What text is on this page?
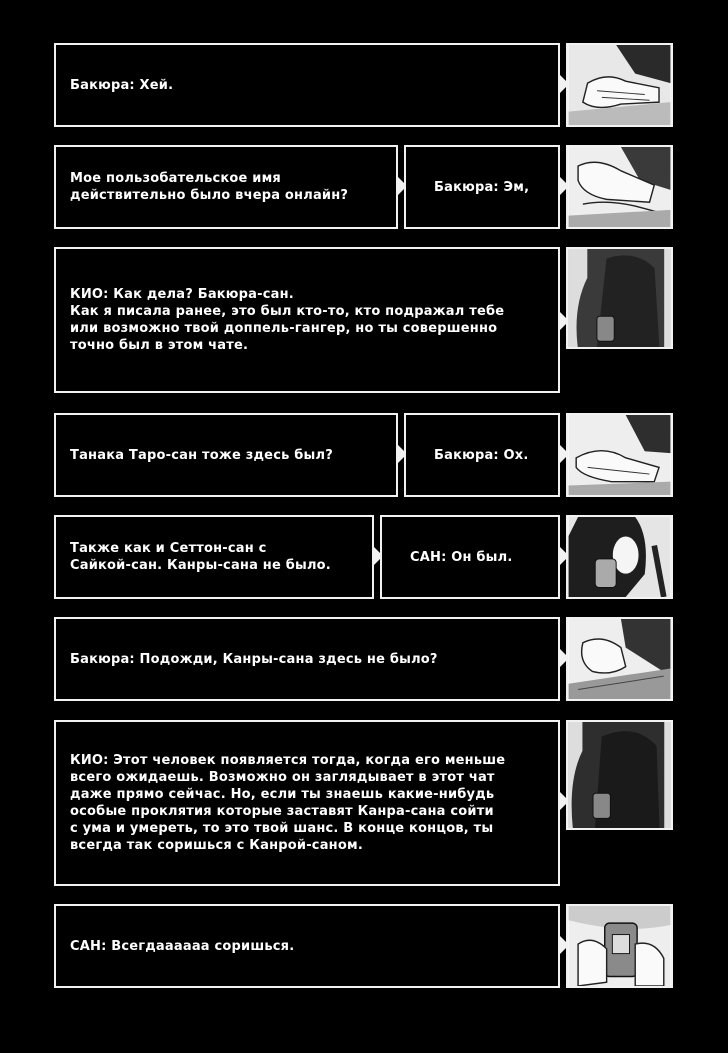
Бакюра: Хей.
Мое пользобательское имя
действительно было вчера онлайн?
Бакюра: Эм,
КИО: Как дела? Бакюра-сан.
Как я писала ранее, это был кто-то, кто подражал тебе
или возможно твой доппель-гангер, но ты совершенно
точно был в этом чате.
Танака Таро-сан тоже здесь был?	Бакюра: Ох.
Также как и Сеттон-сан с
Сайкой-сан. Канры-сана не было.
САН: Он был.
Бакюра: Подожди, Канры-сана здесь не было?
КИО: Этот человек появляется тогда, когда его меньше
всего ожидаешь. Возможно он заглядывает в этот чат
даже прямо сейчас. Но, если ты знаешь какие-нибудь
особые проклятия которые заставят Канра-сана сойти
с ума и умереть, то это твой шанс. В конце концов, ты
всегда так соришься с Канрой-саном.
САН: Всегдаааааа соришься.
